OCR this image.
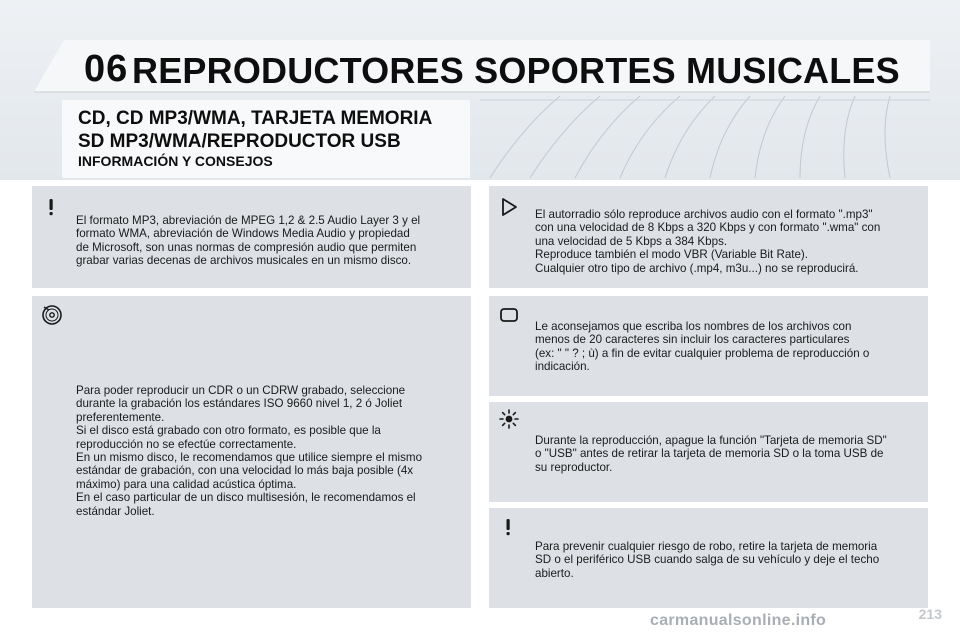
06 REPRODUCTORES SOPORTES MUSICALES
CD, CD MP3/WMA, TARJETA MEMORIA
SD MP3/WMA/REPRODUCTOR USB
INFORMACIÓN Y CONSEJOS

El formato MP3, abreviación de MPEG 1,2 & 2.5 Audio Layer 3 y el
formato WMA, abreviación de Windows Media Audio y propiedad
de Microsoft, son unas normas de compresión audio que permiten
grabar varias decenas de archivos musicales en un mismo disco.

Para poder reproducir un CDR o un CDRW grabado, seleccione
durante la grabación los estándares ISO 9660 nivel 1, 2 ó Joliet
preferentemente.
Si el disco está grabado con otro formato, es posible que la
reproducción no se efectúe correctamente.
En un mismo disco, le recomendamos que utilice siempre el mismo
estándar de grabación, con una velocidad lo más baja posible (4x
máximo) para una calidad acústica óptima.
En el caso particular de un disco multisesión, le recomendamos el
estándar Joliet.

El autorradio sólo reproduce archivos audio con el formato ".mp3"
con una velocidad de 8 Kbps a 320 Kbps y con formato ".wma" con
una velocidad de 5 Kbps a 384 Kbps.
Reproduce también el modo VBR (Variable Bit Rate).
Cualquier otro tipo de archivo (.mp4, m3u...) no se reproducirá.

Le aconsejamos que escriba los nombres de los archivos con
menos de 20 caracteres sin incluir los caracteres particulares
(ex: " " ? ; ù) a fin de evitar cualquier problema de reproducción o
indicación.

Durante la reproducción, apague la función "Tarjeta de memoria SD"
o "USB" antes de retirar la tarjeta de memoria SD o la toma USB de
su reproductor.

Para prevenir cualquier riesgo de robo, retire la tarjeta de memoria
SD o el periférico USB cuando salga de su vehículo y deje el techo
abierto.

carmanualsonline.info	213
